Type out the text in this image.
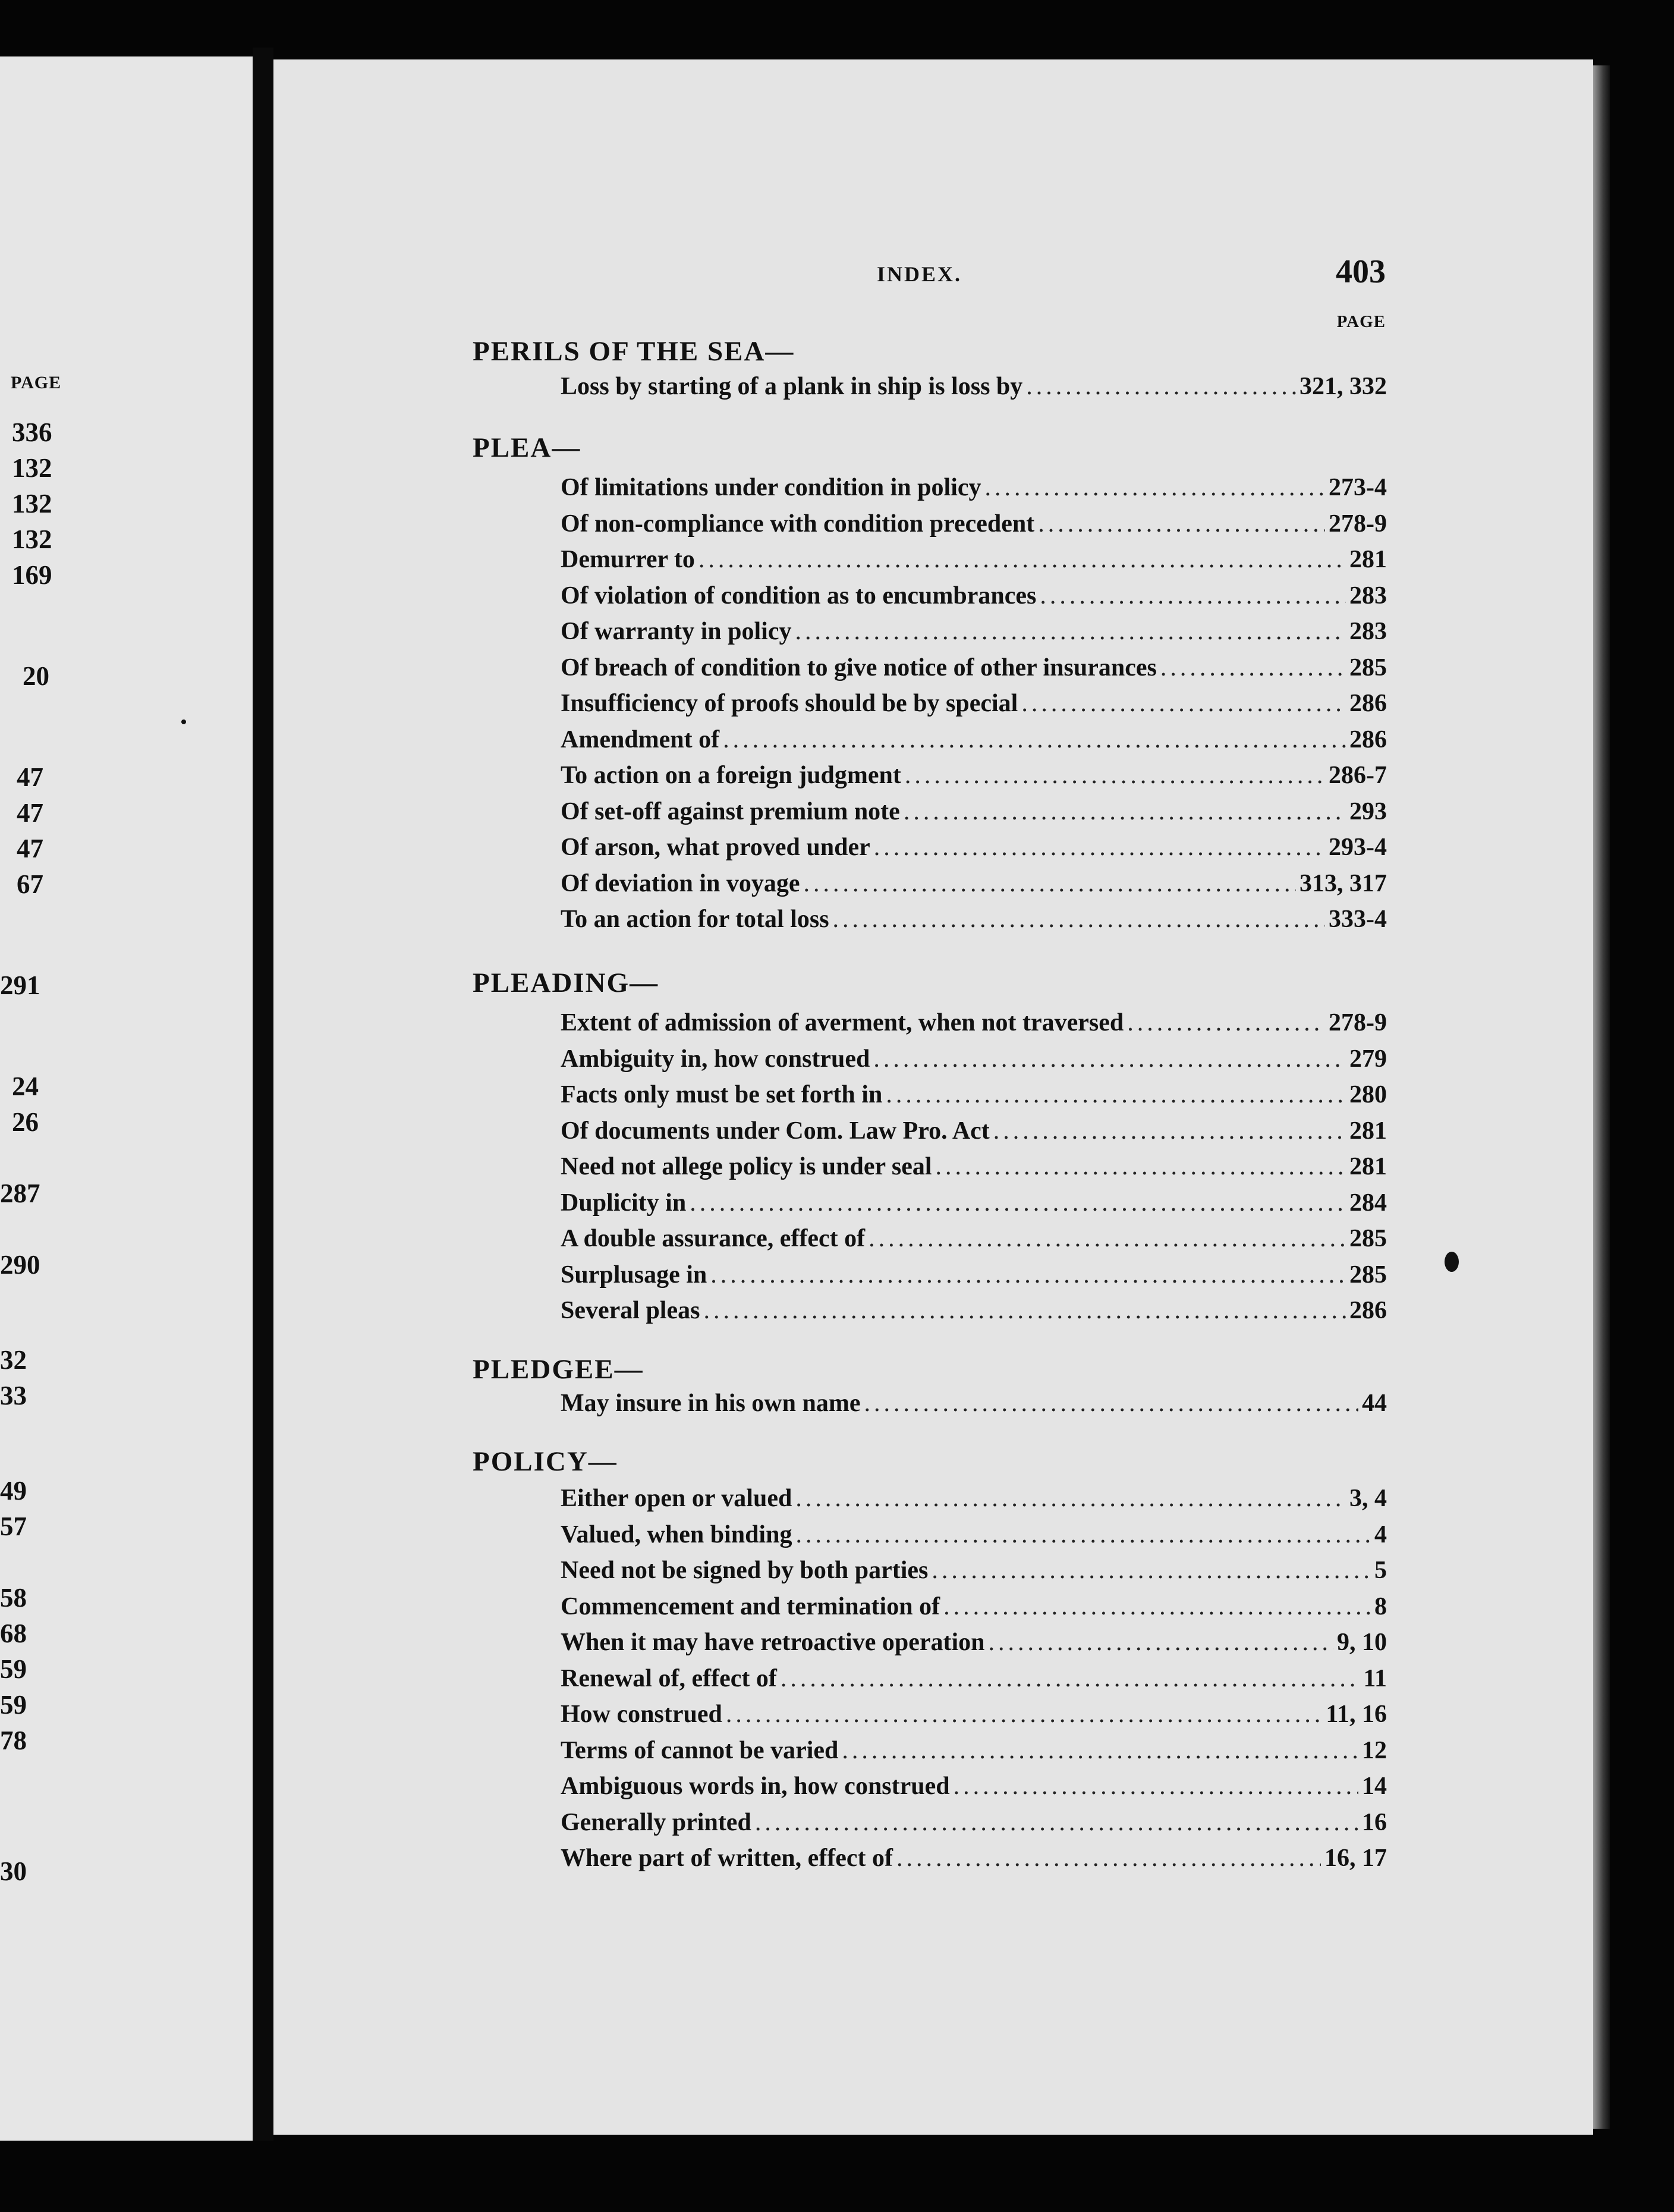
PAGE
336
132
132
132
169
20
47
47
47
67
291
24
26
287
290
32
33
49
57
58
68
59
59
78
30
INDEX.	403
PAGE
PERILS OF THE SEA—
Loss by starting of a plank in ship is loss by .....	321, 332
PLEA—
Of limitations under condition in policy .....	273-4
Of non-compliance with condition precedent .....	278-9
Demurrer to .....	281
Of violation of condition as to encumbrances .....	283
Of warranty in policy .....	283
Of breach of condition to give notice of other insurances .....	285
Insufficiency of proofs should be by special .....	286
Amendment of .....	286
To action on a foreign judgment .....	286-7
Of set-off against premium note .....	293
Of arson, what proved under .....	293-4
Of deviation in voyage .....	313, 317
To an action for total loss .....	333-4
PLEADING—
Extent of admission of averment, when not traversed .....	278-9
Ambiguity in, how construed .....	279
Facts only must be set forth in .....	280
Of documents under Com. Law Pro. Act .....	281
Need not allege policy is under seal .....	281
Duplicity in .....	284
A double assurance, effect of .....	285
Surplusage in .....	285
Several pleas .....	286
PLEDGEE—
May insure in his own name .....	44
POLICY—
Either open or valued .....	3, 4
Valued, when binding .....	4
Need not be signed by both parties .....	5
Commencement and termination of .....	8
When it may have retroactive operation .....	9, 10
Renewal of, effect of .....	11
How construed .....	11, 16
Terms of cannot be varied .....	12
Ambiguous words in, how construed .....	14
Generally printed .....	16
Where part of written, effect of .....	16, 17
